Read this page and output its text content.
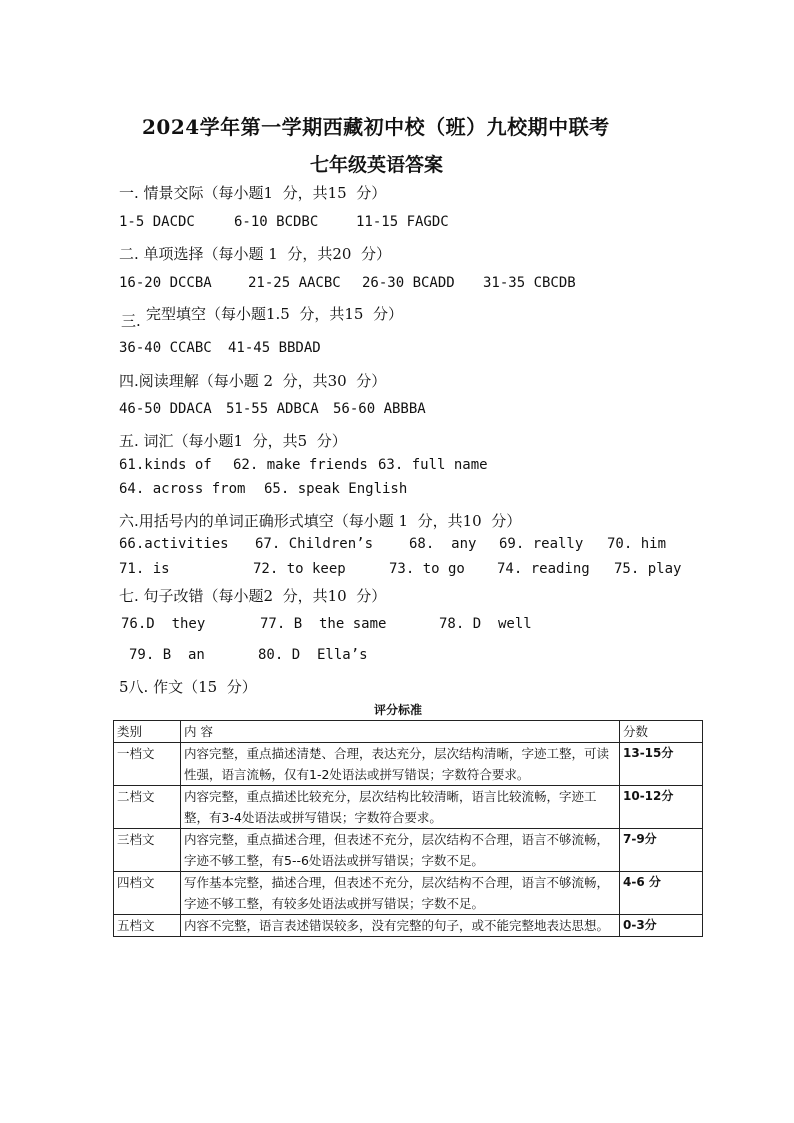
2024学年第一学期西藏初中校（班）九校期中联考
七年级英语答案
一. 情景交际（每小题1  分，共15  分）
1-5 DACDC	6-10 BCDBC	11-15 FAGDC
二. 单项选择（每小题 1  分，共20  分）
16-20 DCCBA	21-25 AACBC 26-30 BCADD 31-35 CBCDB
三. 完型填空（每小题1.5  分，共15  分）
36-40 CCABC 41-45 BBDAD
四.阅读理解（每小题 2  分，共30  分）
46-50 DDACA 51-55 ADBCA 56-60 ABBBA
五. 词汇（每小题1  分，共5  分）
61.kinds of 62. make friends 63. full name
64. across from 65. speak English
六.用括号内的单词正确形式填空（每小题 1  分，共10  分）
66.activities 67. Children’s	68.  any 69. really 70. him
71. is	72. to keep	73. to go 74. reading 75. play
七. 句子改错（每小题2  分，共10  分）
76.D  they	77. B  the same	78. D  well
79. B  an	80. D  Ella’s
5八. 作文（15  分）
评分标准
类别	内 容	分数
一档文	内容完整，重点描述清楚、合理，表达充分，层次结构清晰，字迹工整，可读性强，语言流畅，仅有1-2处语法或拼写错误；字数符合要求。	13-15分
二档文	内容完整，重点描述比较充分，层次结构比较清晰，语言比较流畅，字迹工整，有3-4处语法或拼写错误；字数符合要求。	10-12分
三档文	内容完整，重点描述合理，但表述不充分，层次结构不合理，语言不够流畅，字迹不够工整，有5--6处语法或拼写错误；字数不足。	7-9分
四档文	写作基本完整，描述合理，但表述不充分，层次结构不合理，语言不够流畅，字迹不够工整，有较多处语法或拼写错误；字数不足。	4-6 分
五档文	内容不完整，语言表述错误较多，没有完整的句子，或不能完整地表达思想。	0-3分
